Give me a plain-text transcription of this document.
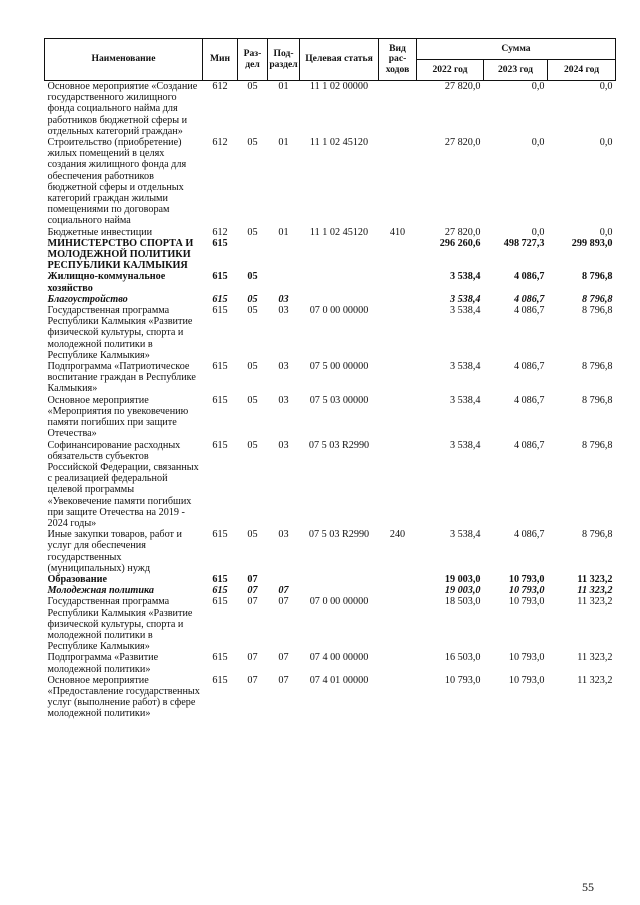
Наименование	Мин	Раз-дел	Под-раздел	Целевая статья	Вид рас-ходов	Сумма		
						2022 год	2023 год	2024 год
Основное мероприятие «Создание государственного жилищного фонда социального найма для работников бюджетной сферы и отдельных категорий граждан»	612	05	01	11 1 02 00000		27 820,0	0,0	0,0
Строительство (приобретение) жилых помещений в целях создания жилищного фонда для обеспечения работников бюджетной сферы и отдельных категорий граждан жилыми помещениями по договорам социального найма	612	05	01	11 1 02 45120		27 820,0	0,0	0,0
Бюджетные инвестиции	612	05	01	11 1 02 45120	410	27 820,0	0,0	0,0
МИНИСТЕРСТВО СПОРТА И МОЛОДЕЖНОЙ ПОЛИТИКИ РЕСПУБЛИКИ КАЛМЫКИЯ	615					296 260,6	498 727,3	299 893,0
Жилищно-коммунальное хозяйство	615	05				3 538,4	4 086,7	8 796,8
Благоустройство	615	05	03			3 538,4	4 086,7	8 796,8
Государственная программа Республики Калмыкия «Развитие физической культуры, спорта и молодежной политики в Республике Калмыкия»	615	05	03	07 0 00 00000		3 538,4	4 086,7	8 796,8
Подпрограмма «Патриотическое воспитание граждан в Республике Калмыкия»	615	05	03	07 5 00 00000		3 538,4	4 086,7	8 796,8
Основное мероприятие «Мероприятия по увековечению памяти погибших при защите Отечества»	615	05	03	07 5 03 00000		3 538,4	4 086,7	8 796,8
Софинансирование расходных обязательств субъектов Российской Федерации, связанных с реализацией федеральной целевой программы «Увековечение памяти погибших при защите Отечества на 2019 - 2024 годы»	615	05	03	07 5 03 R2990		3 538,4	4 086,7	8 796,8
Иные закупки товаров, работ и услуг для обеспечения государственных (муниципальных) нужд	615	05	03	07 5 03 R2990	240	3 538,4	4 086,7	8 796,8
Образование	615	07				19 003,0	10 793,0	11 323,2
Молодежная политика	615	07	07			19 003,0	10 793,0	11 323,2
Государственная программа Республики Калмыкия «Развитие физической культуры, спорта и молодежной политики в Республике Калмыкия»	615	07	07	07 0 00 00000		18 503,0	10 793,0	11 323,2
Подпрограмма «Развитие молодежной политики»	615	07	07	07 4 00 00000		16 503,0	10 793,0	11 323,2
Основное мероприятие «Предоставление государственных услуг (выполнение работ) в сфере молодежной политики»	615	07	07	07 4 01 00000		10 793,0	10 793,0	11 323,2
55
